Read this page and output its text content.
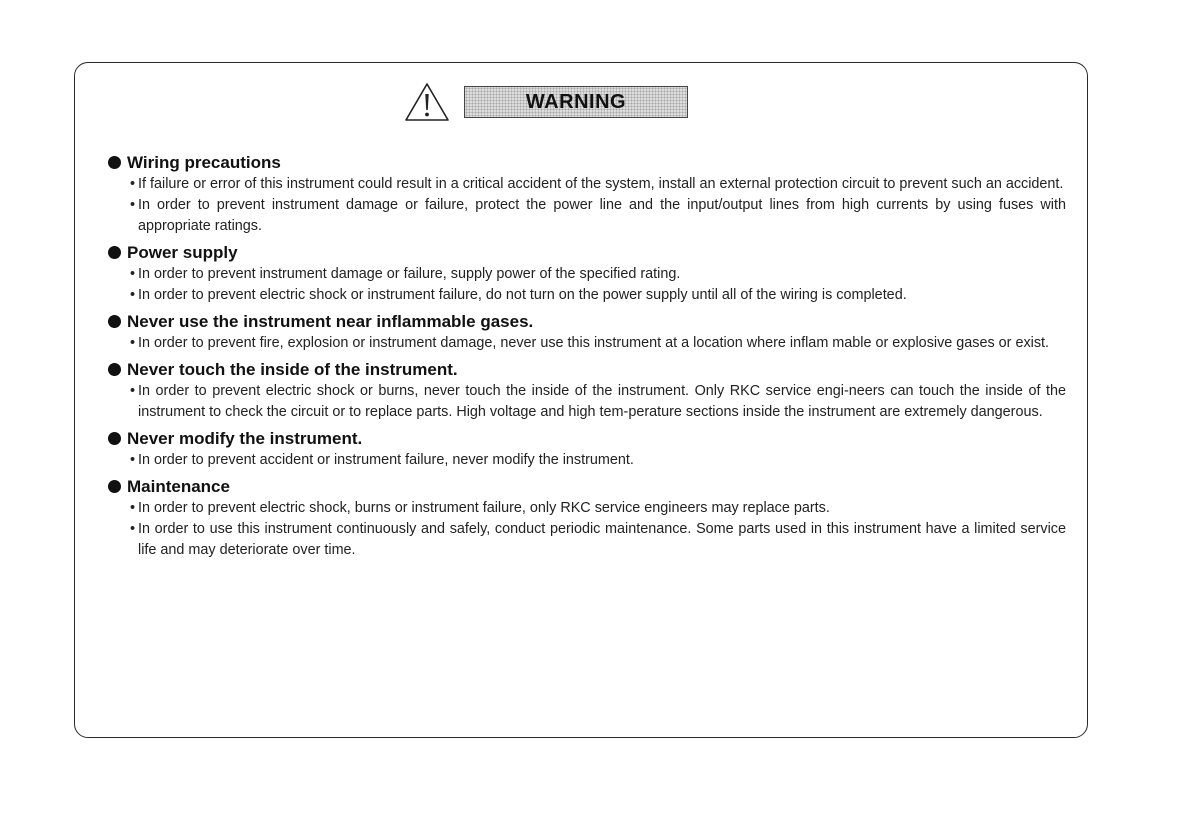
WARNING
Wiring precautions
• If failure or error of this instrument could result in a critical accident of the system, install an external protection circuit to prevent such an accident.
• In order to prevent instrument damage or failure, protect the power line and the input/output lines from high currents by using fuses with appropriate ratings.
Power supply
• In order to prevent instrument damage or failure, supply power of the specified rating.
• In order to prevent electric shock or instrument failure, do not turn on the power supply until all of the wiring is completed.
Never use the instrument near inflammable gases.
• In order to prevent fire, explosion or instrument damage, never use this instrument at a location where inflam mable or explosive gases or exist.
Never touch the inside of the instrument.
• In order to prevent electric shock or burns, never touch the inside of the instrument. Only RKC service engi-neers can touch the inside of the instrument to check the circuit or to replace parts. High voltage and high tem-perature sections inside the instrument are extremely dangerous.
Never modify the instrument.
• In order to prevent accident or instrument failure, never modify the instrument.
Maintenance
• In order to prevent electric shock, burns or instrument failure, only RKC service engineers may replace parts.
• In order to use this instrument continuously and safely, conduct periodic maintenance. Some parts used in this instrument have a limited service life and may deteriorate over time.
